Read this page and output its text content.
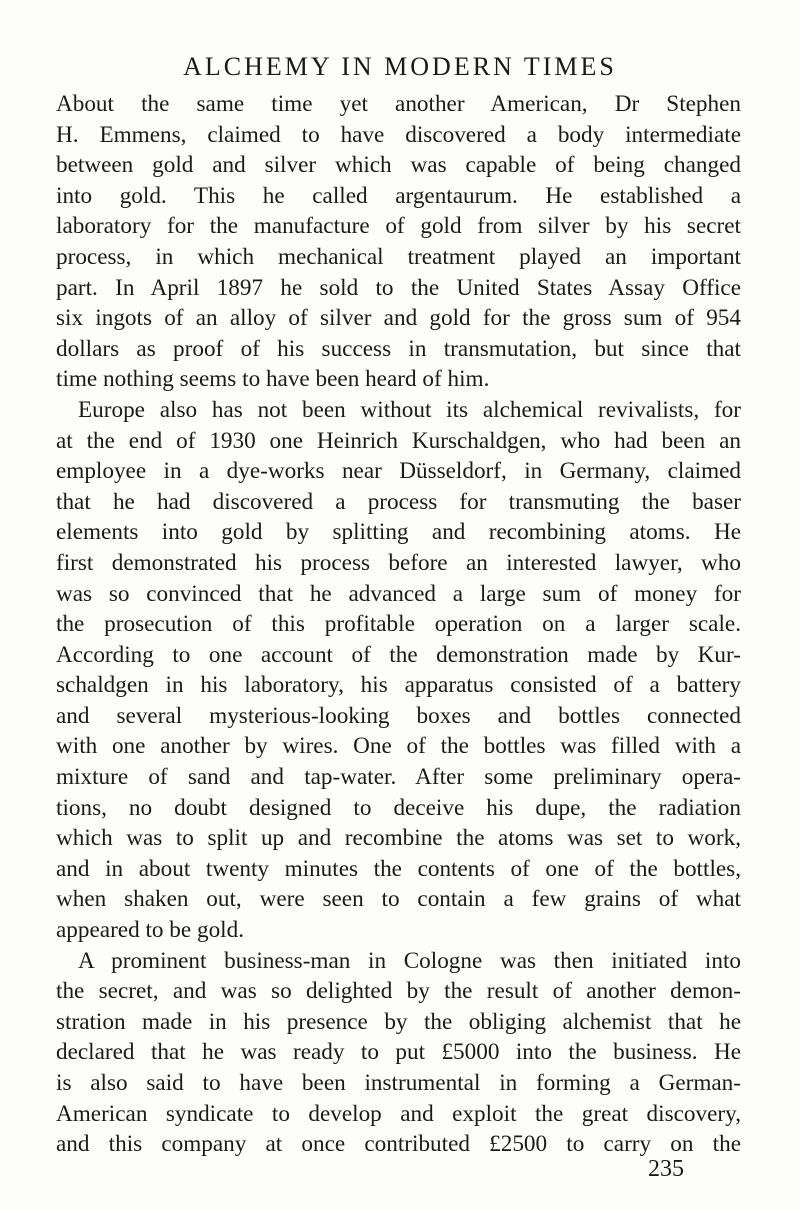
ALCHEMY IN MODERN TIMES
About the same time yet another American, Dr Stephen
H. Emmens, claimed to have discovered a body intermediate
between gold and silver which was capable of being changed
into gold. This he called argentaurum. He established a
laboratory for the manufacture of gold from silver by his secret
process, in which mechanical treatment played an important
part. In April 1897 he sold to the United States Assay Office
six ingots of an alloy of silver and gold for the gross sum of 954
dollars as proof of his success in transmutation, but since that
time nothing seems to have been heard of him.
Europe also has not been without its alchemical revivalists, for
at the end of 1930 one Heinrich Kurschaldgen, who had been an
employee in a dye-works near Düsseldorf, in Germany, claimed
that he had discovered a process for transmuting the baser
elements into gold by splitting and recombining atoms. He
first demonstrated his process before an interested lawyer, who
was so convinced that he advanced a large sum of money for
the prosecution of this profitable operation on a larger scale.
According to one account of the demonstration made by Kur-
schaldgen in his laboratory, his apparatus consisted of a battery
and several mysterious-looking boxes and bottles connected
with one another by wires. One of the bottles was filled with a
mixture of sand and tap-water. After some preliminary opera-
tions, no doubt designed to deceive his dupe, the radiation
which was to split up and recombine the atoms was set to work,
and in about twenty minutes the contents of one of the bottles,
when shaken out, were seen to contain a few grains of what
appeared to be gold.
A prominent business-man in Cologne was then initiated into
the secret, and was so delighted by the result of another demon-
stration made in his presence by the obliging alchemist that he
declared that he was ready to put £5000 into the business. He
is also said to have been instrumental in forming a German-
American syndicate to develop and exploit the great discovery,
and this company at once contributed £2500 to carry on the
235
